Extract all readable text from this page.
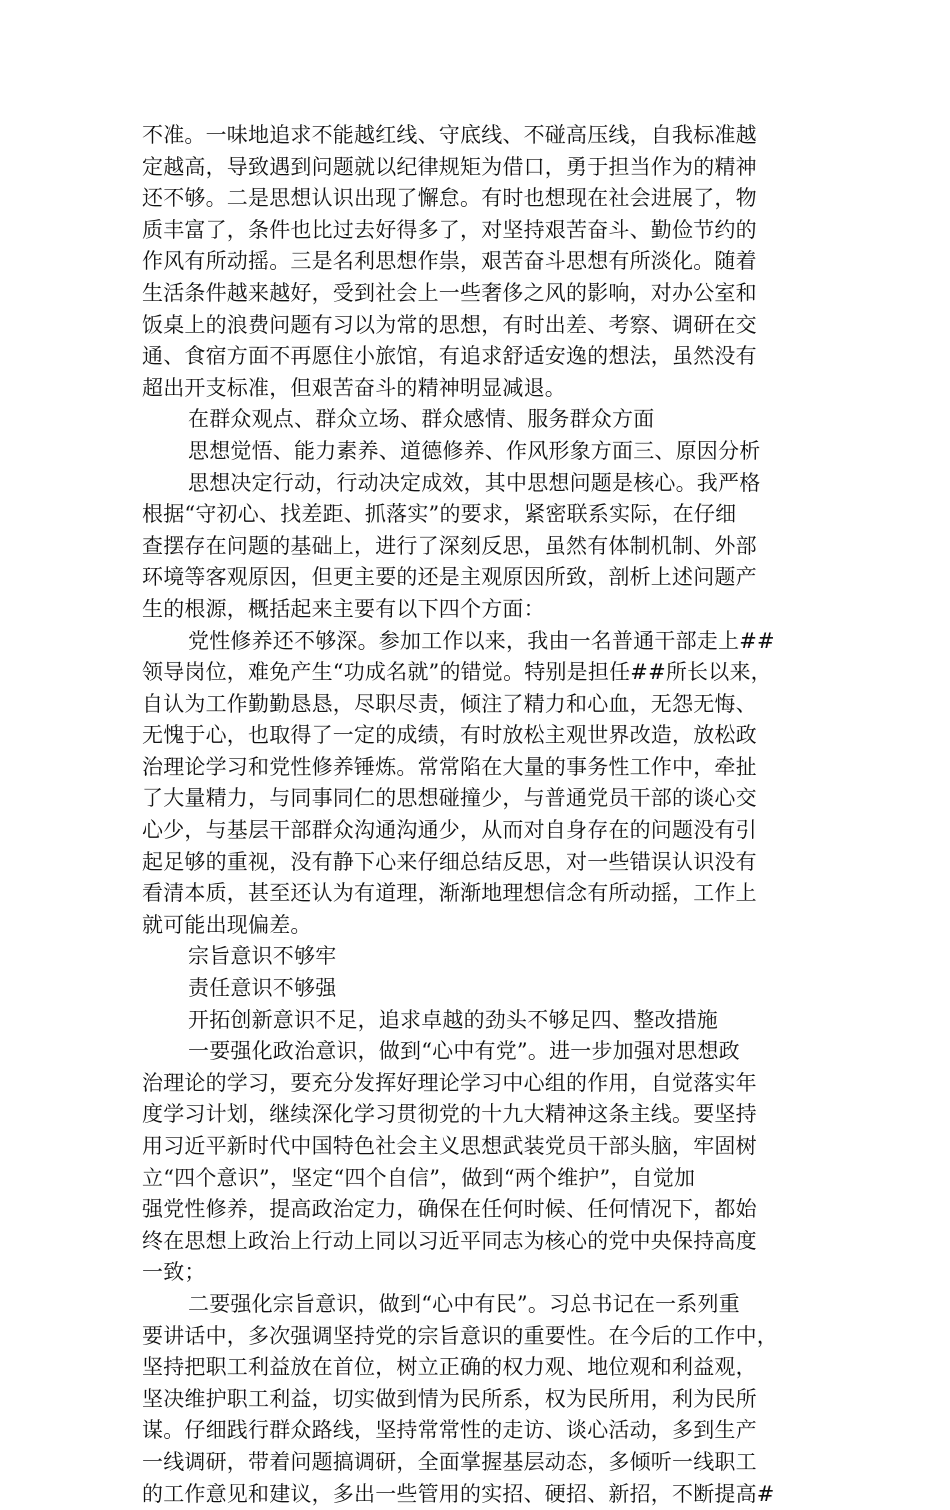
不准。一味地追求不能越红线、守底线、不碰高压线，自我标准越
定越高，导致遇到问题就以纪律规矩为借口，勇于担当作为的精神
还不够。二是思想认识出现了懈怠。有时也想现在社会进展了，物
质丰富了，条件也比过去好得多了，对坚持艰苦奋斗、勤俭节约的
作风有所动摇。三是名利思想作祟，艰苦奋斗思想有所淡化。随着
生活条件越来越好，受到社会上一些奢侈之风的影响，对办公室和
饭桌上的浪费问题有习以为常的思想，有时出差、考察、调研在交
通、食宿方面不再愿住小旅馆，有追求舒适安逸的想法，虽然没有
超出开支标准，但艰苦奋斗的精神明显减退。
在群众观点、群众立场、群众感情、服务群众方面
思想觉悟、能力素养、道德修养、作风形象方面三、原因分析
思想决定行动，行动决定成效，其中思想问题是核心。我严格
根据“守初心、找差距、抓落实”的要求，紧密联系实际，在仔细
查摆存在问题的基础上，进行了深刻反思，虽然有体制机制、外部
环境等客观原因，但更主要的还是主观原因所致，剖析上述问题产
生的根源，概括起来主要有以下四个方面：
党性修养还不够深。参加工作以来，我由一名普通干部走上##
领导岗位，难免产生“功成名就”的错觉。特别是担任##所长以来，
自认为工作勤勤恳恳，尽职尽责，倾注了精力和心血，无怨无悔、
无愧于心，也取得了一定的成绩，有时放松主观世界改造，放松政
治理论学习和党性修养锤炼。常常陷在大量的事务性工作中，牵扯
了大量精力，与同事同仁的思想碰撞少，与普通党员干部的谈心交
心少，与基层干部群众沟通沟通少，从而对自身存在的问题没有引
起足够的重视，没有静下心来仔细总结反思，对一些错误认识没有
看清本质，甚至还认为有道理，渐渐地理想信念有所动摇，工作上
就可能出现偏差。
宗旨意识不够牢
责任意识不够强
开拓创新意识不足，追求卓越的劲头不够足四、整改措施
一要强化政治意识，做到“心中有党”。进一步加强对思想政
治理论的学习，要充分发挥好理论学习中心组的作用，自觉落实年
度学习计划，继续深化学习贯彻党的十九大精神这条主线。要坚持
用习近平新时代中国特色社会主义思想武装党员干部头脑，牢固树
立“四个意识”，坚定“四个自信”，做到“两个维护”，自觉加
强党性修养，提高政治定力，确保在任何时候、任何情况下，都始
终在思想上政治上行动上同以习近平同志为核心的党中央保持高度
一致；
二要强化宗旨意识，做到“心中有民”。习总书记在一系列重
要讲话中，多次强调坚持党的宗旨意识的重要性。在今后的工作中，
坚持把职工利益放在首位，树立正确的权力观、地位观和利益观，
坚决维护职工利益，切实做到情为民所系，权为民所用，利为民所
谋。仔细践行群众路线，坚持常常性的走访、谈心活动，多到生产
一线调研，带着问题搞调研，全面掌握基层动态，多倾听一线职工
的工作意见和建议，多出一些管用的实招、硬招、新招，不断提高#
